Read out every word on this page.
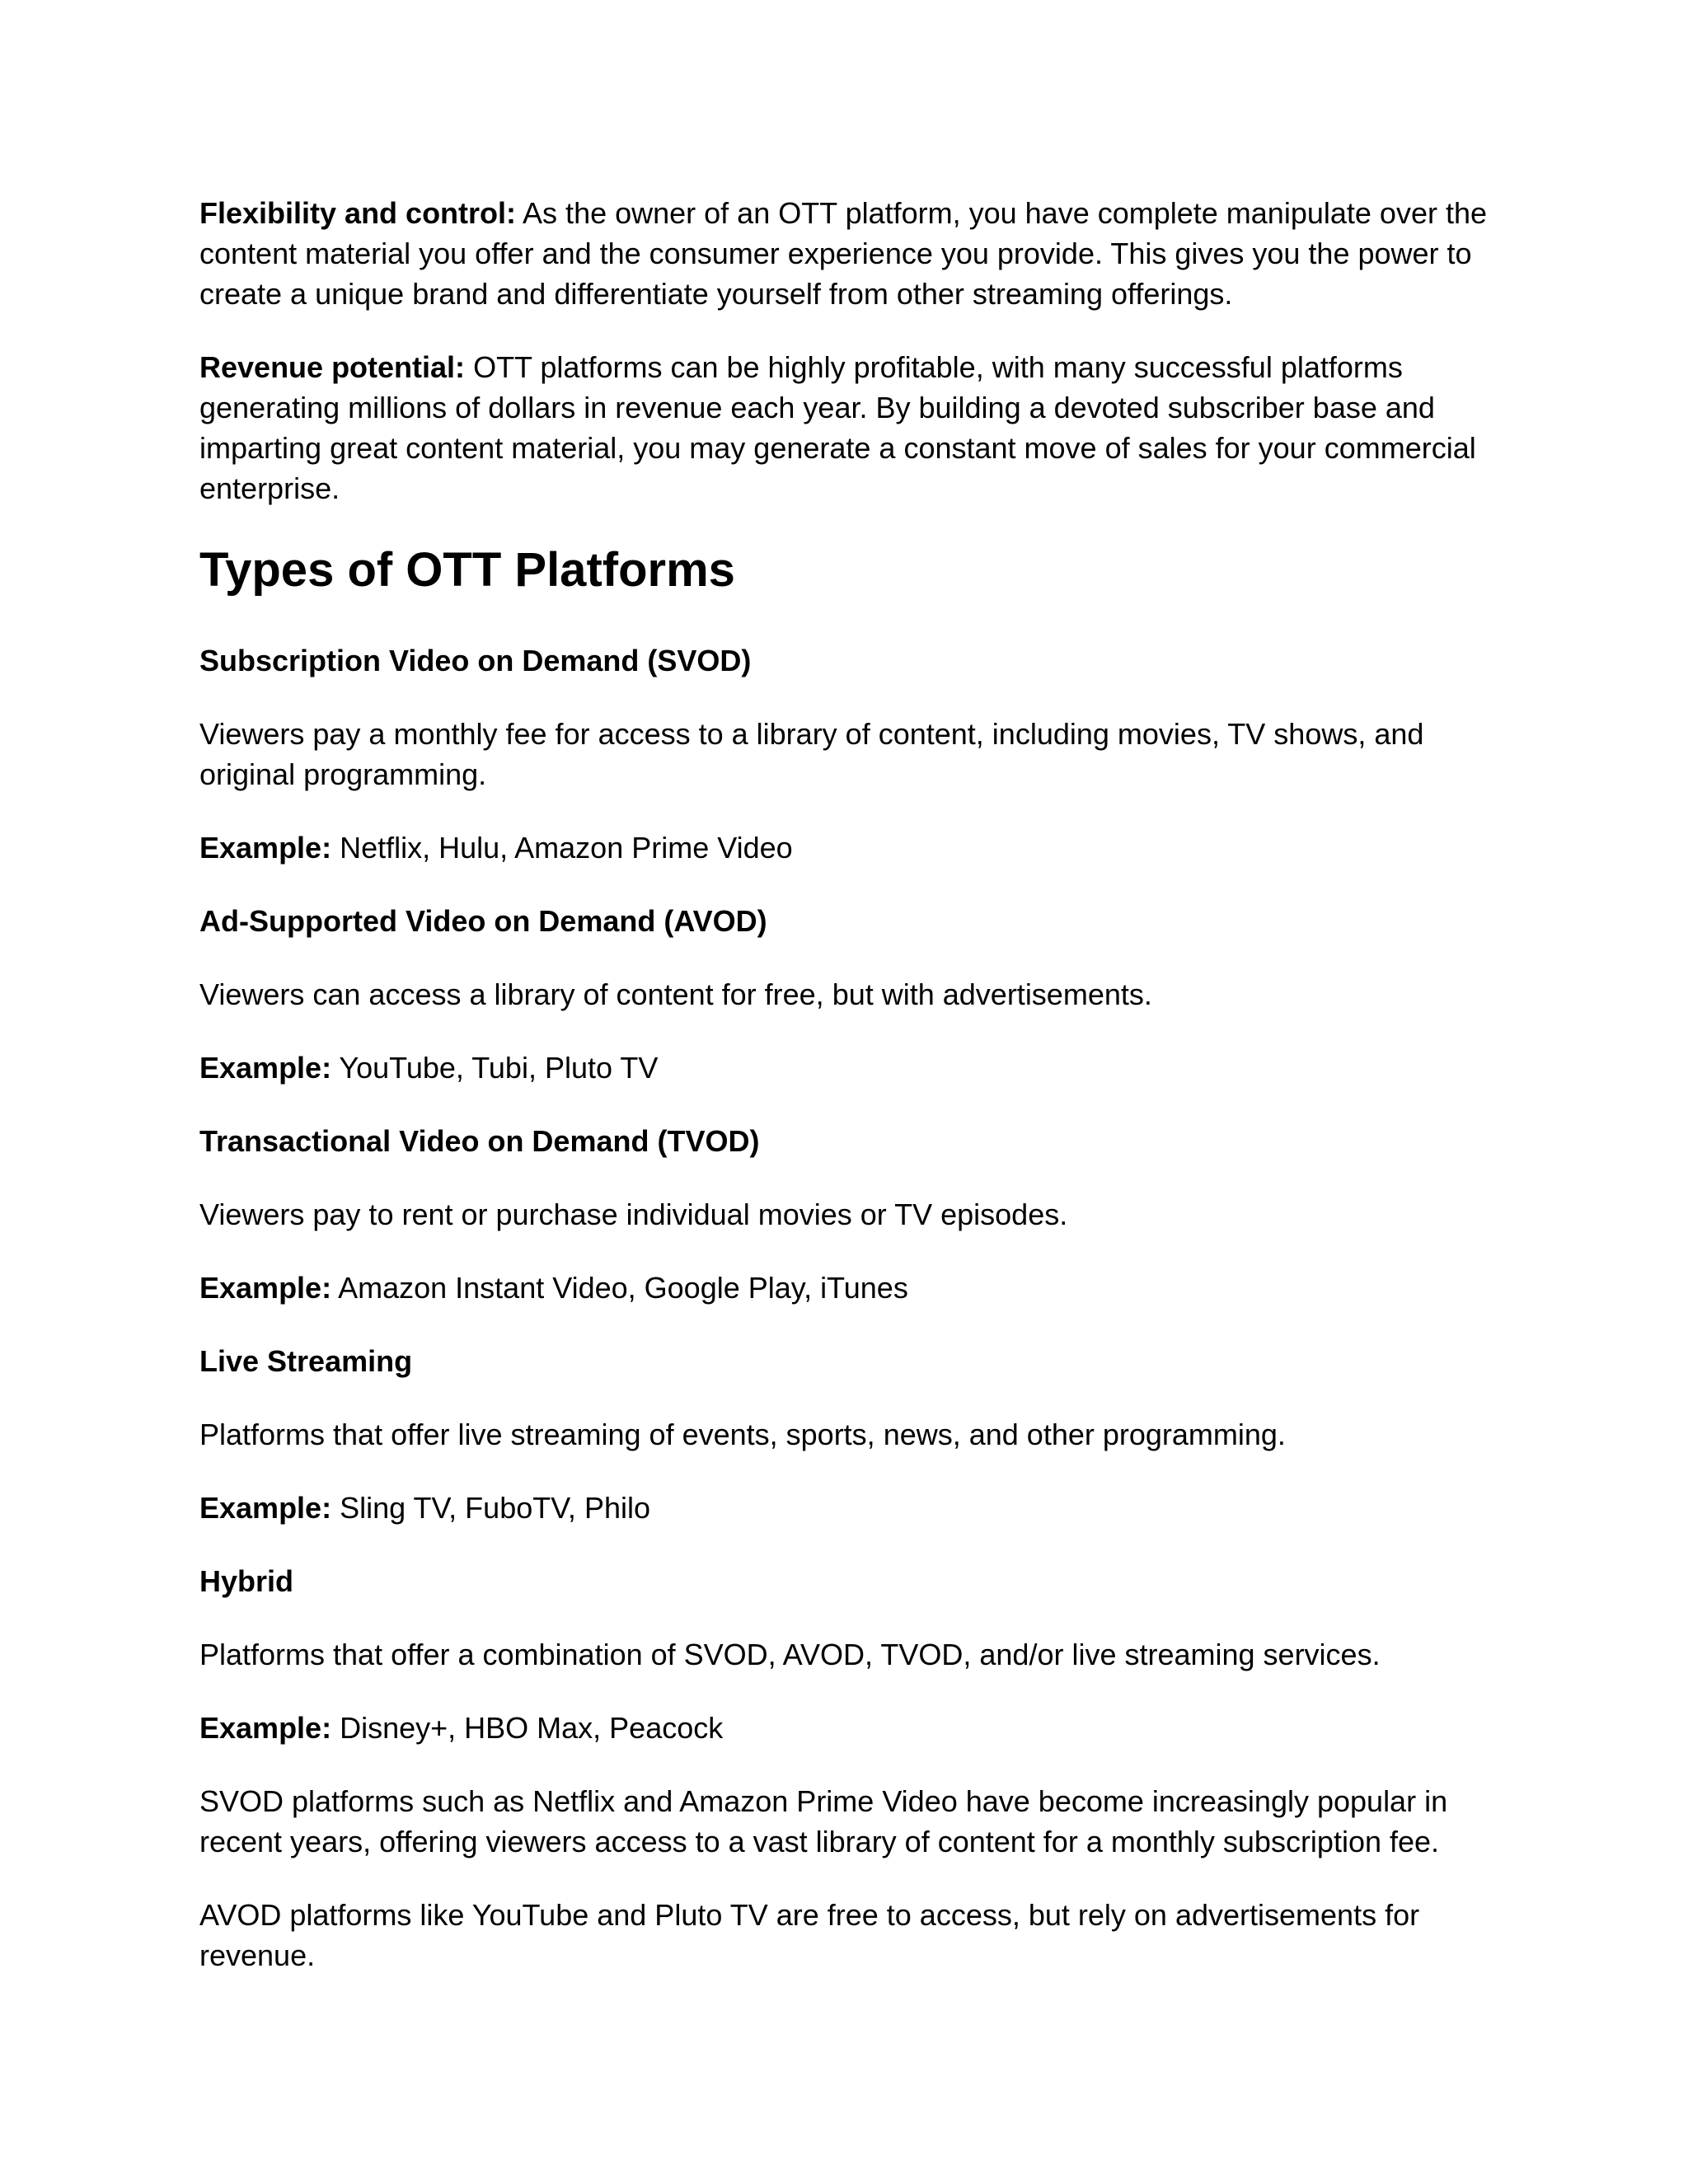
Flexibility and control: As the owner of an OTT platform, you have complete manipulate over the content material you offer and the consumer experience you provide. This gives you the power to create a unique brand and differentiate yourself from other streaming offerings.

Revenue potential: OTT platforms can be highly profitable, with many successful platforms generating millions of dollars in revenue each year. By building a devoted subscriber base and imparting great content material, you may generate a constant move of sales for your commercial enterprise.

Types of OTT Platforms

Subscription Video on Demand (SVOD)

Viewers pay a monthly fee for access to a library of content, including movies, TV shows, and original programming.

Example: Netflix, Hulu, Amazon Prime Video

Ad-Supported Video on Demand (AVOD)

Viewers can access a library of content for free, but with advertisements.

Example: YouTube, Tubi, Pluto TV

Transactional Video on Demand (TVOD)

Viewers pay to rent or purchase individual movies or TV episodes.

Example: Amazon Instant Video, Google Play, iTunes

Live Streaming

Platforms that offer live streaming of events, sports, news, and other programming.

Example: Sling TV, FuboTV, Philo

Hybrid

Platforms that offer a combination of SVOD, AVOD, TVOD, and/or live streaming services.

Example: Disney+, HBO Max, Peacock

SVOD platforms such as Netflix and Amazon Prime Video have become increasingly popular in recent years, offering viewers access to a vast library of content for a monthly subscription fee.

AVOD platforms like YouTube and Pluto TV are free to access, but rely on advertisements for revenue.
